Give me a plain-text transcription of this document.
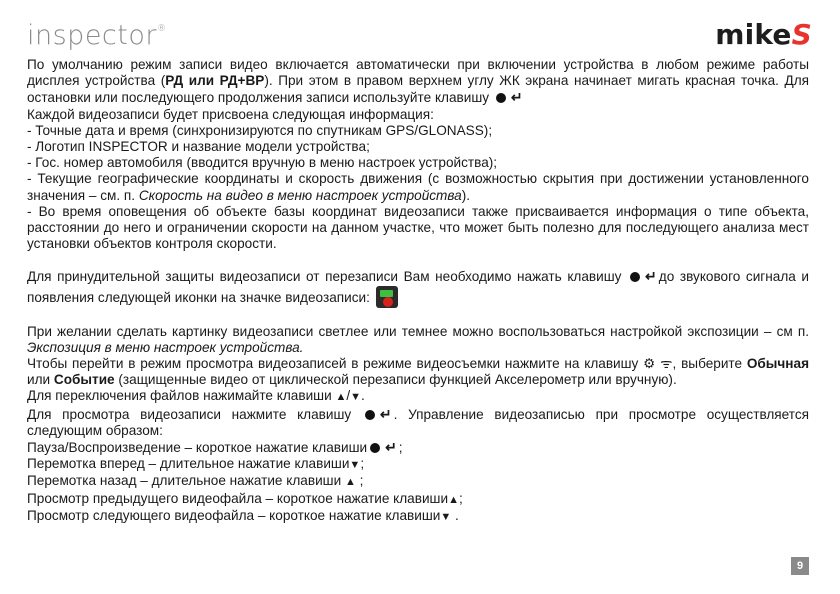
inspector®	mikeS

По умолчанию режим записи видео включается автоматически при включении устройства в любом режиме работы дисплея устройства (РД или РД+ВР). При этом в правом верхнем углу ЖК экрана начинает мигать красная точка. Для остановки или последующего продолжения записи используйте клавишу ↵

Каждой видеозаписи будет присвоена следующая информация:

- Точные дата и время (синхронизируются по спутникам GPS/GLONASS);

- Логотип INSPECTOR и название модели устройства;

- Гос. номер автомобиля (вводится вручную в меню настроек устройства);

- Текущие географические координаты и скорость движения (с возможностью скрытия при достижении установленного значения – см. п. Скорость на видео в меню настроек устройства).

- Во время оповещения об объекте базы координат видеозаписи также присваивается информация о типе объекта, расстоянии до него и ограничении скорости на данном участке, что может быть полезно для последующего анализа мест установки объектов контроля скорости.

Для принудительной защиты видеозаписи от перезаписи Вам необходимо нажать клавишу ↵ до звукового сигнала и появления следующей иконки на значке видеозаписи:

При желании сделать картинку видеозаписи светлее или темнее можно воспользоваться настройкой экспозиции – см п. Экспозиция в меню настроек устройства.

Чтобы перейти в режим просмотра видеозаписей в режиме видеосъемки нажмите на клавишу ⚙ ᯤ, выберите Обычная или Событие (защищенные видео от циклической перезаписи функцией Акселерометр или вручную).

Для переключения файлов нажимайте клавиши ▲/▼.

Для просмотра видеозаписи нажмите клавишу ↵ . Управление видеозаписью при просмотре осуществляется следующим образом:

Пауза/Воспроизведение – короткое нажатие клавиши ↵ ;

Перемотка вперед – длительное нажатие клавиши▼;

Перемотка назад – длительное нажатие клавиши ▲ ;

Просмотр предыдущего видеофайла – короткое нажатие клавиши▲;

Просмотр следующего видеофайла – короткое нажатие клавиши▼ .

9
